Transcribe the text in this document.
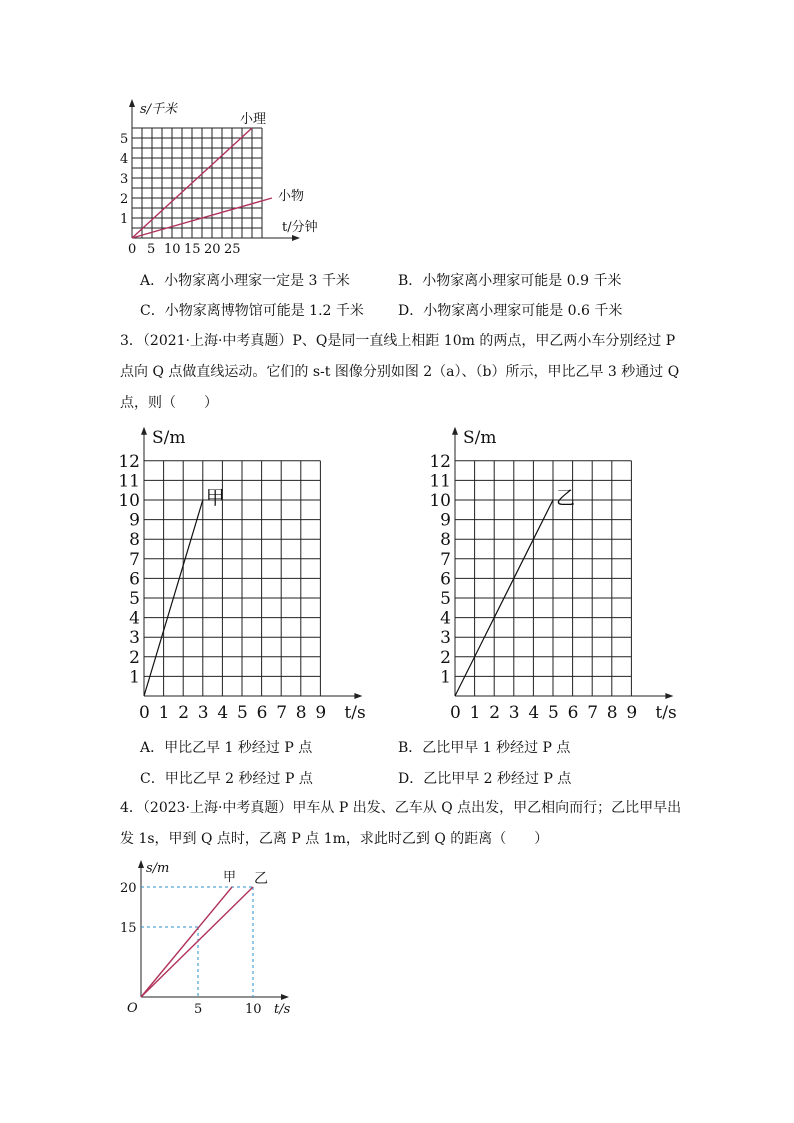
s/千米
t/分钟
小理
小物
1
2
3
4
5
0 5 10 15 20 25
A．小物家离小理家一定是 3 千米	B．小物家离小理家可能是 0.9 千米
C．小物家离博物馆可能是 1.2 千米 D．小物家离小理家可能是 0.6 千米
3．（2021·上海·中考真题）P、Q是同一直线上相距 10m 的两点，甲乙两小车分别经过 P
点向 Q 点做直线运动。它们的 s-t 图像分别如图 2（a）、（b）所示，甲比乙早 3 秒通过 Q
点，则（　　）
S/m
t/s
0 1 2 3 4 5 6 7 8 9
1
2
3
4
5
6
7
8
9
10
11
12
甲
S/m
t/s
0 1 2 3 4 5 6 7 8 9
1
2
3
4
5
6
7
8
9
10
11
12
乙
A．甲比乙早 1 秒经过 P 点	B．乙比甲早 1 秒经过 P 点
C．甲比乙早 2 秒经过 P 点	D．乙比甲早 2 秒经过 P 点
4．（2023·上海·中考真题）甲车从 P 出发、乙车从 Q 点出发，甲乙相向而行；乙比甲早出
发 1s，甲到 Q 点时，乙离 P 点 1m，求此时乙到 Q 的距离（　　）
s/m
t/s
O
15
20
5	10
甲 乙
